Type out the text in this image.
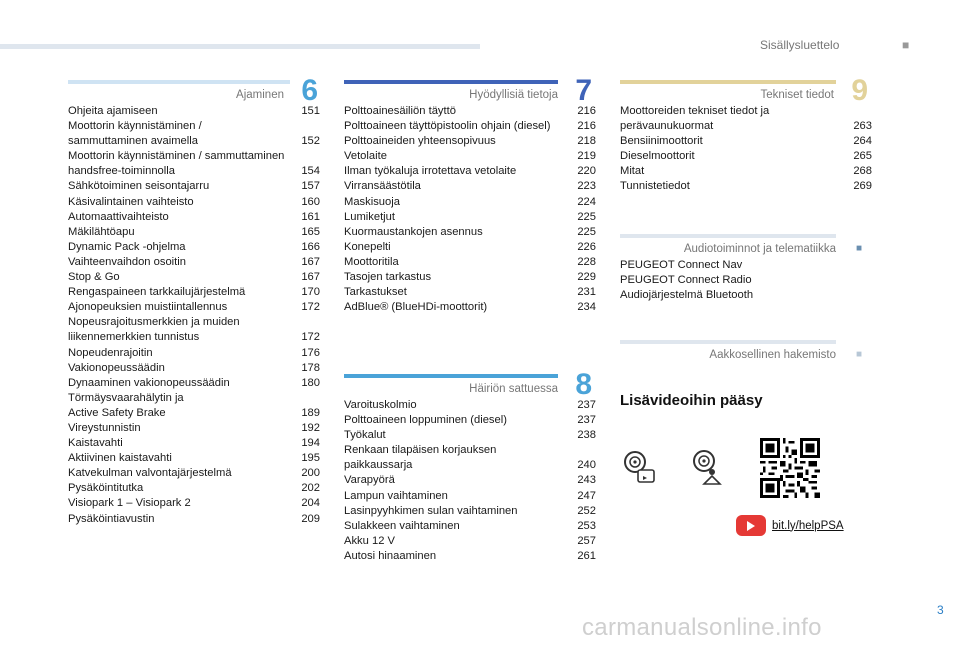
Sisällysluettelo	■
Ajaminen 6
Ohjeita ajamiseen	151
Moottorin käynnistäminen /
sammuttaminen avaimella	152
Moottorin käynnistäminen / sammuttaminen
handsfree-toiminnolla	154
Sähkötoiminen seisontajarru	157
Käsivalintainen vaihteisto	160
Automaattivaihteisto	161
Mäkilähtöapu	165
Dynamic Pack -ohjelma	166
Vaihteenvaihdon osoitin	167
Stop & Go	167
Rengaspaineen tarkkailujärjestelmä	170
Ajonopeuksien muistiintallennus	172
Nopeusrajoitusmerkkien ja muiden
liikennemerkkien tunnistus	172
Nopeudenrajoitin	176
Vakionopeussäädin	178
Dynaaminen vakionopeussäädin	180
Törmäysvaarahälytin ja
Active Safety Brake	189
Vireystunnistin	192
Kaistavahti	194
Aktiivinen kaistavahti	195
Katvekulman valvontajärjestelmä	200
Pysäköintitutka	202
Visiopark 1 – Visiopark 2	204
Pysäköintiavustin	209
Hyödyllisiä tietoja 7
Polttoainesäiliön täyttö	216
Polttoaineen täyttöpistoolin ohjain (diesel)	216
Polttoaineiden yhteensopivuus	218
Vetolaite	219
Ilman työkaluja irrotettava vetolaite	220
Virransäästötila	223
Maskisuoja	224
Lumiketjut	225
Kuormaustankojen asennus	225
Konepelti	226
Moottoritila	228
Tasojen tarkastus	229
Tarkastukset	231
AdBlue® (BlueHDi-moottorit)	234
Häiriön sattuessa 8
Varoituskolmio	237
Polttoaineen loppuminen (diesel)	237
Työkalut	238
Renkaan tilapäisen korjauksen
paikkaussarja	240
Varapyörä	243
Lampun vaihtaminen	247
Lasinpyyhkimen sulan vaihtaminen	252
Sulakkeen vaihtaminen	253
Akku 12 V	257
Autosi hinaaminen	261
Tekniset tiedot 9
Moottoreiden tekniset tiedot ja
perävaunukuormat	263
Bensiinimoottorit	264
Dieselmoottorit	265
Mitat	268
Tunnistetiedot	269
Audiotoiminnot ja telematiikka ■
PEUGEOT Connect Nav
PEUGEOT Connect Radio
Audiojärjestelmä Bluetooth
Aakkosellinen hakemisto ■
Lisävideoihin pääsy
bit.ly/helpPSA
3
carmanualsonline.info
